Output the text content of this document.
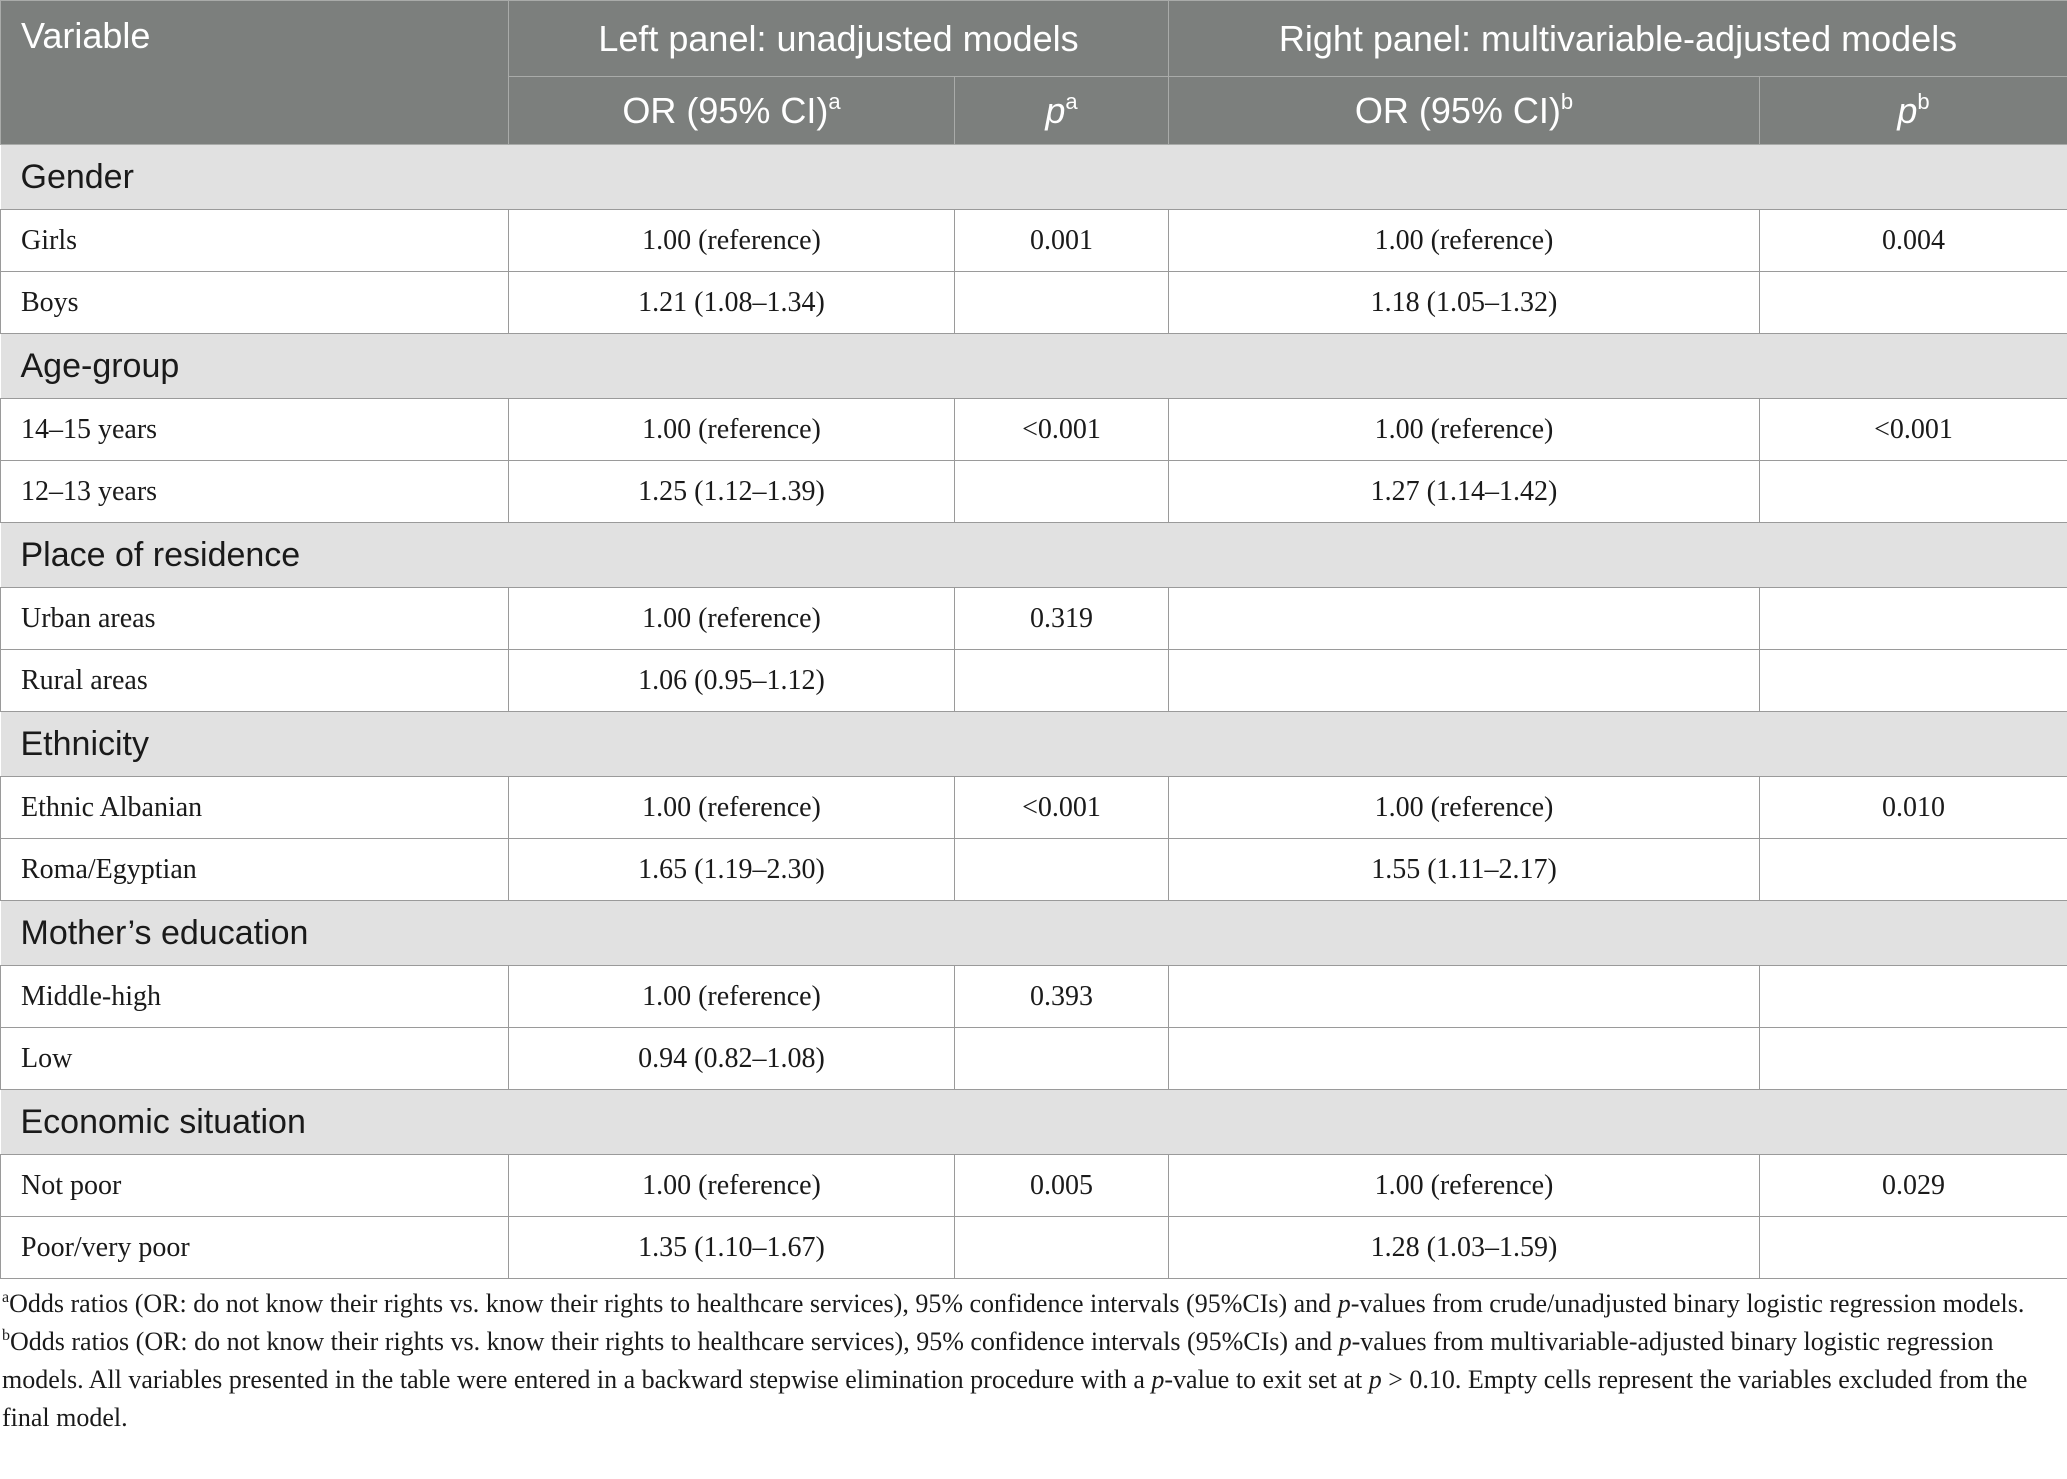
Variable	Left panel: unadjusted models		Right panel: multivariable-adjusted models	
	OR (95% CI)$^a$	$p^a$	OR (95% CI)$^b$	$p^b$
Gender				
Girls	1.00 (reference)	0.001	1.00 (reference)	0.004
Boys	1.21 (1.08–1.34)		1.18 (1.05–1.32)	
Age-group				
14–15 years	1.00 (reference)	<0.001	1.00 (reference)	<0.001
12–13 years	1.25 (1.12–1.39)		1.27 (1.14–1.42)	
Place of residence				
Urban areas	1.00 (reference)	0.319		
Rural areas	1.06 (0.95–1.12)			
Ethnicity				
Ethnic Albanian	1.00 (reference)	<0.001	1.00 (reference)	0.010
Roma/Egyptian	1.65 (1.19–2.30)		1.55 (1.11–2.17)	
Mother’s education				
Middle-high	1.00 (reference)	0.393		
Low	0.94 (0.82–1.08)			
Economic situation				
Not poor	1.00 (reference)	0.005	1.00 (reference)	0.029
Poor/very poor	1.35 (1.10–1.67)		1.28 (1.03–1.59)	

$^a$Odds ratios (OR: do not know their rights vs. know their rights to healthcare services), 95% confidence intervals (95%CIs) and p-values from crude/unadjusted binary logistic regression models.

$^b$Odds ratios (OR: do not know their rights vs. know their rights to healthcare services), 95% confidence intervals (95%CIs) and p-values from multivariable-adjusted binary logistic regression models. All variables presented in the table were entered in a backward stepwise elimination procedure with a p-value to exit set at p > 0.10. Empty cells represent the variables excluded from the final model.
